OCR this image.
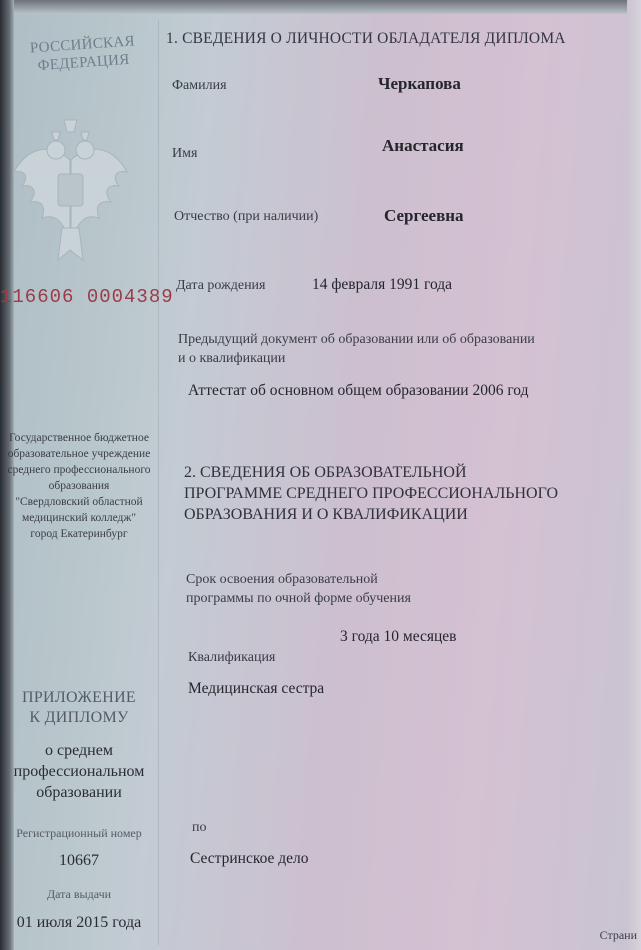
РОССИЙСКАЯ
ФЕДЕРАЦИЯ
116606 0004389
Государственное бюджетное
образовательное учреждение
среднего профессионального
образования
"Свердловский областной
медицинский колледж"
город Екатеринбург
ПРИЛОЖЕНИЕ
К ДИПЛОМУ
о среднем
профессиональном
образовании
Регистрационный номер
10667
Дата выдачи
01 июля 2015 года
1. СВЕДЕНИЯ О ЛИЧНОСТИ ОБЛАДАТЕЛЯ ДИПЛОМА
Фамилия	Черкапова
Имя	Анастасия
Отчество (при наличии)	Сергеевна
Дата рождения	14 февраля 1991 года
Предыдущий документ об образовании или об образовании
и о квалификации
Аттестат об основном общем образовании 2006 год
2. СВЕДЕНИЯ ОБ ОБРАЗОВАТЕЛЬНОЙ
ПРОГРАММЕ СРЕДНЕГО ПРОФЕССИОНАЛЬНОГО
ОБРАЗОВАНИЯ И О КВАЛИФИКАЦИИ
Срок освоения образовательной
программы по очной форме обучения
3 года 10 месяцев
Квалификация
Медицинская сестра
по
Сестринское дело
Страни
